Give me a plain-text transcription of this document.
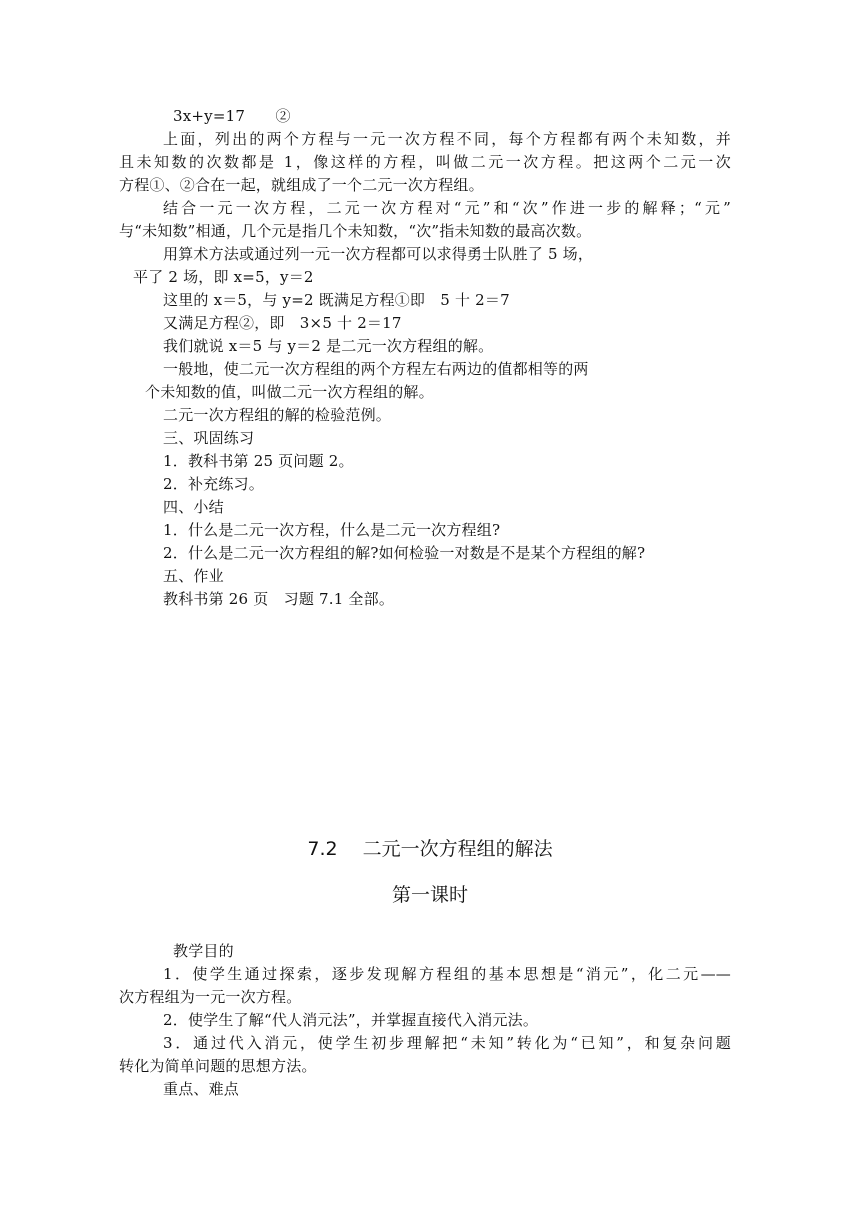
3x+y=17　　②
上面，列出的两个方程与一元一次方程不同，每个方程都有两个未知数，并
且未知数的次数都是 1，像这样的方程，叫做二元一次方程。把这两个二元一次
方程①、②合在一起，就组成了一个二元一次方程组。
结合一元一次方程，二元一次方程对“元”和“次”作进一步的解释；“元”
与“未知数”相通，几个元是指几个未知数，“次”指未知数的最高次数。
用算术方法或通过列一元一次方程都可以求得勇士队胜了 5 场，
平了 2 场，即 x=5，y＝2
这里的 x＝5，与 y=2 既满足方程①即　5 十 2＝7
又满足方程②，即　3×5 十 2＝17
我们就说 x＝5 与 y＝2 是二元一次方程组的解。
一般地，使二元一次方程组的两个方程左右两边的值都相等的两
个未知数的值，叫做二元一次方程组的解。
二元一次方程组的解的检验范例。
三、巩固练习
1．教科书第 25 页问题 2。
2．补充练习。
四、小结
1．什么是二元一次方程，什么是二元一次方程组?
2．什么是二元一次方程组的解?如何检验一对数是不是某个方程组的解?
五、作业
教科书第 26 页　习题 7.1 全部。
7.2　 二元一次方程组的解法
第一课时
教学目的
1．使学生通过探索，逐步发现解方程组的基本思想是“消元”，化二元——
次方程组为一元一次方程。
2．使学生了解“代人消元法”，并掌握直接代入消元法。
3．通过代入消元，使学生初步理解把“未知”转化为“已知”，和复杂问题
转化为简单问题的思想方法。
重点、难点
